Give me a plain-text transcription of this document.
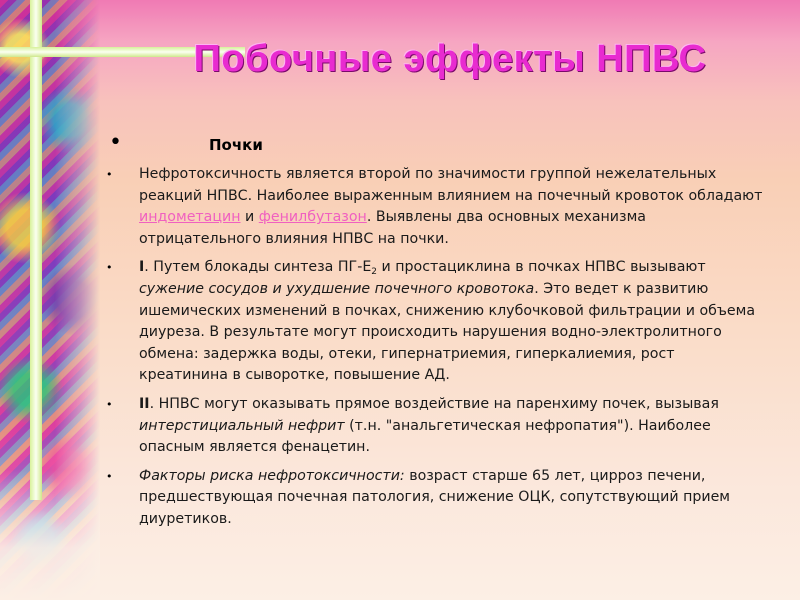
Побочные эффекты НПВС
•	Почки
• Нефротоксичность является второй по значимости группой нежелательных реакций НПВС. Наиболее выраженным влиянием на почечный кровоток обладают индометацин и фенилбутазон. Выявлены два основных механизма отрицательного влияния НПВС на почки.
• I. Путем блокады синтеза $ПГ-Е_2$ и простациклина в почках НПВС вызывают сужение сосудов и ухудшение почечного кровотока. Это ведет к развитию ишемических изменений в почках, снижению клубочковой фильтрации и объема диуреза. В результате могут происходить нарушения водно-электролитного обмена: задержка воды, отеки, гипернатриемия, гиперкалиемия, рост креатинина в сыворотке, повышение АД.
• II. НПВС могут оказывать прямое воздействие на паренхиму почек, вызывая интерстициальный нефрит (т.н. "анальгетическая нефропатия"). Наиболее опасным является фенацетин.
• Факторы риска нефротоксичности: возраст старше 65 лет, цирроз печени, предшествующая почечная патология, снижение ОЦК, сопутствующий прием диуретиков.
